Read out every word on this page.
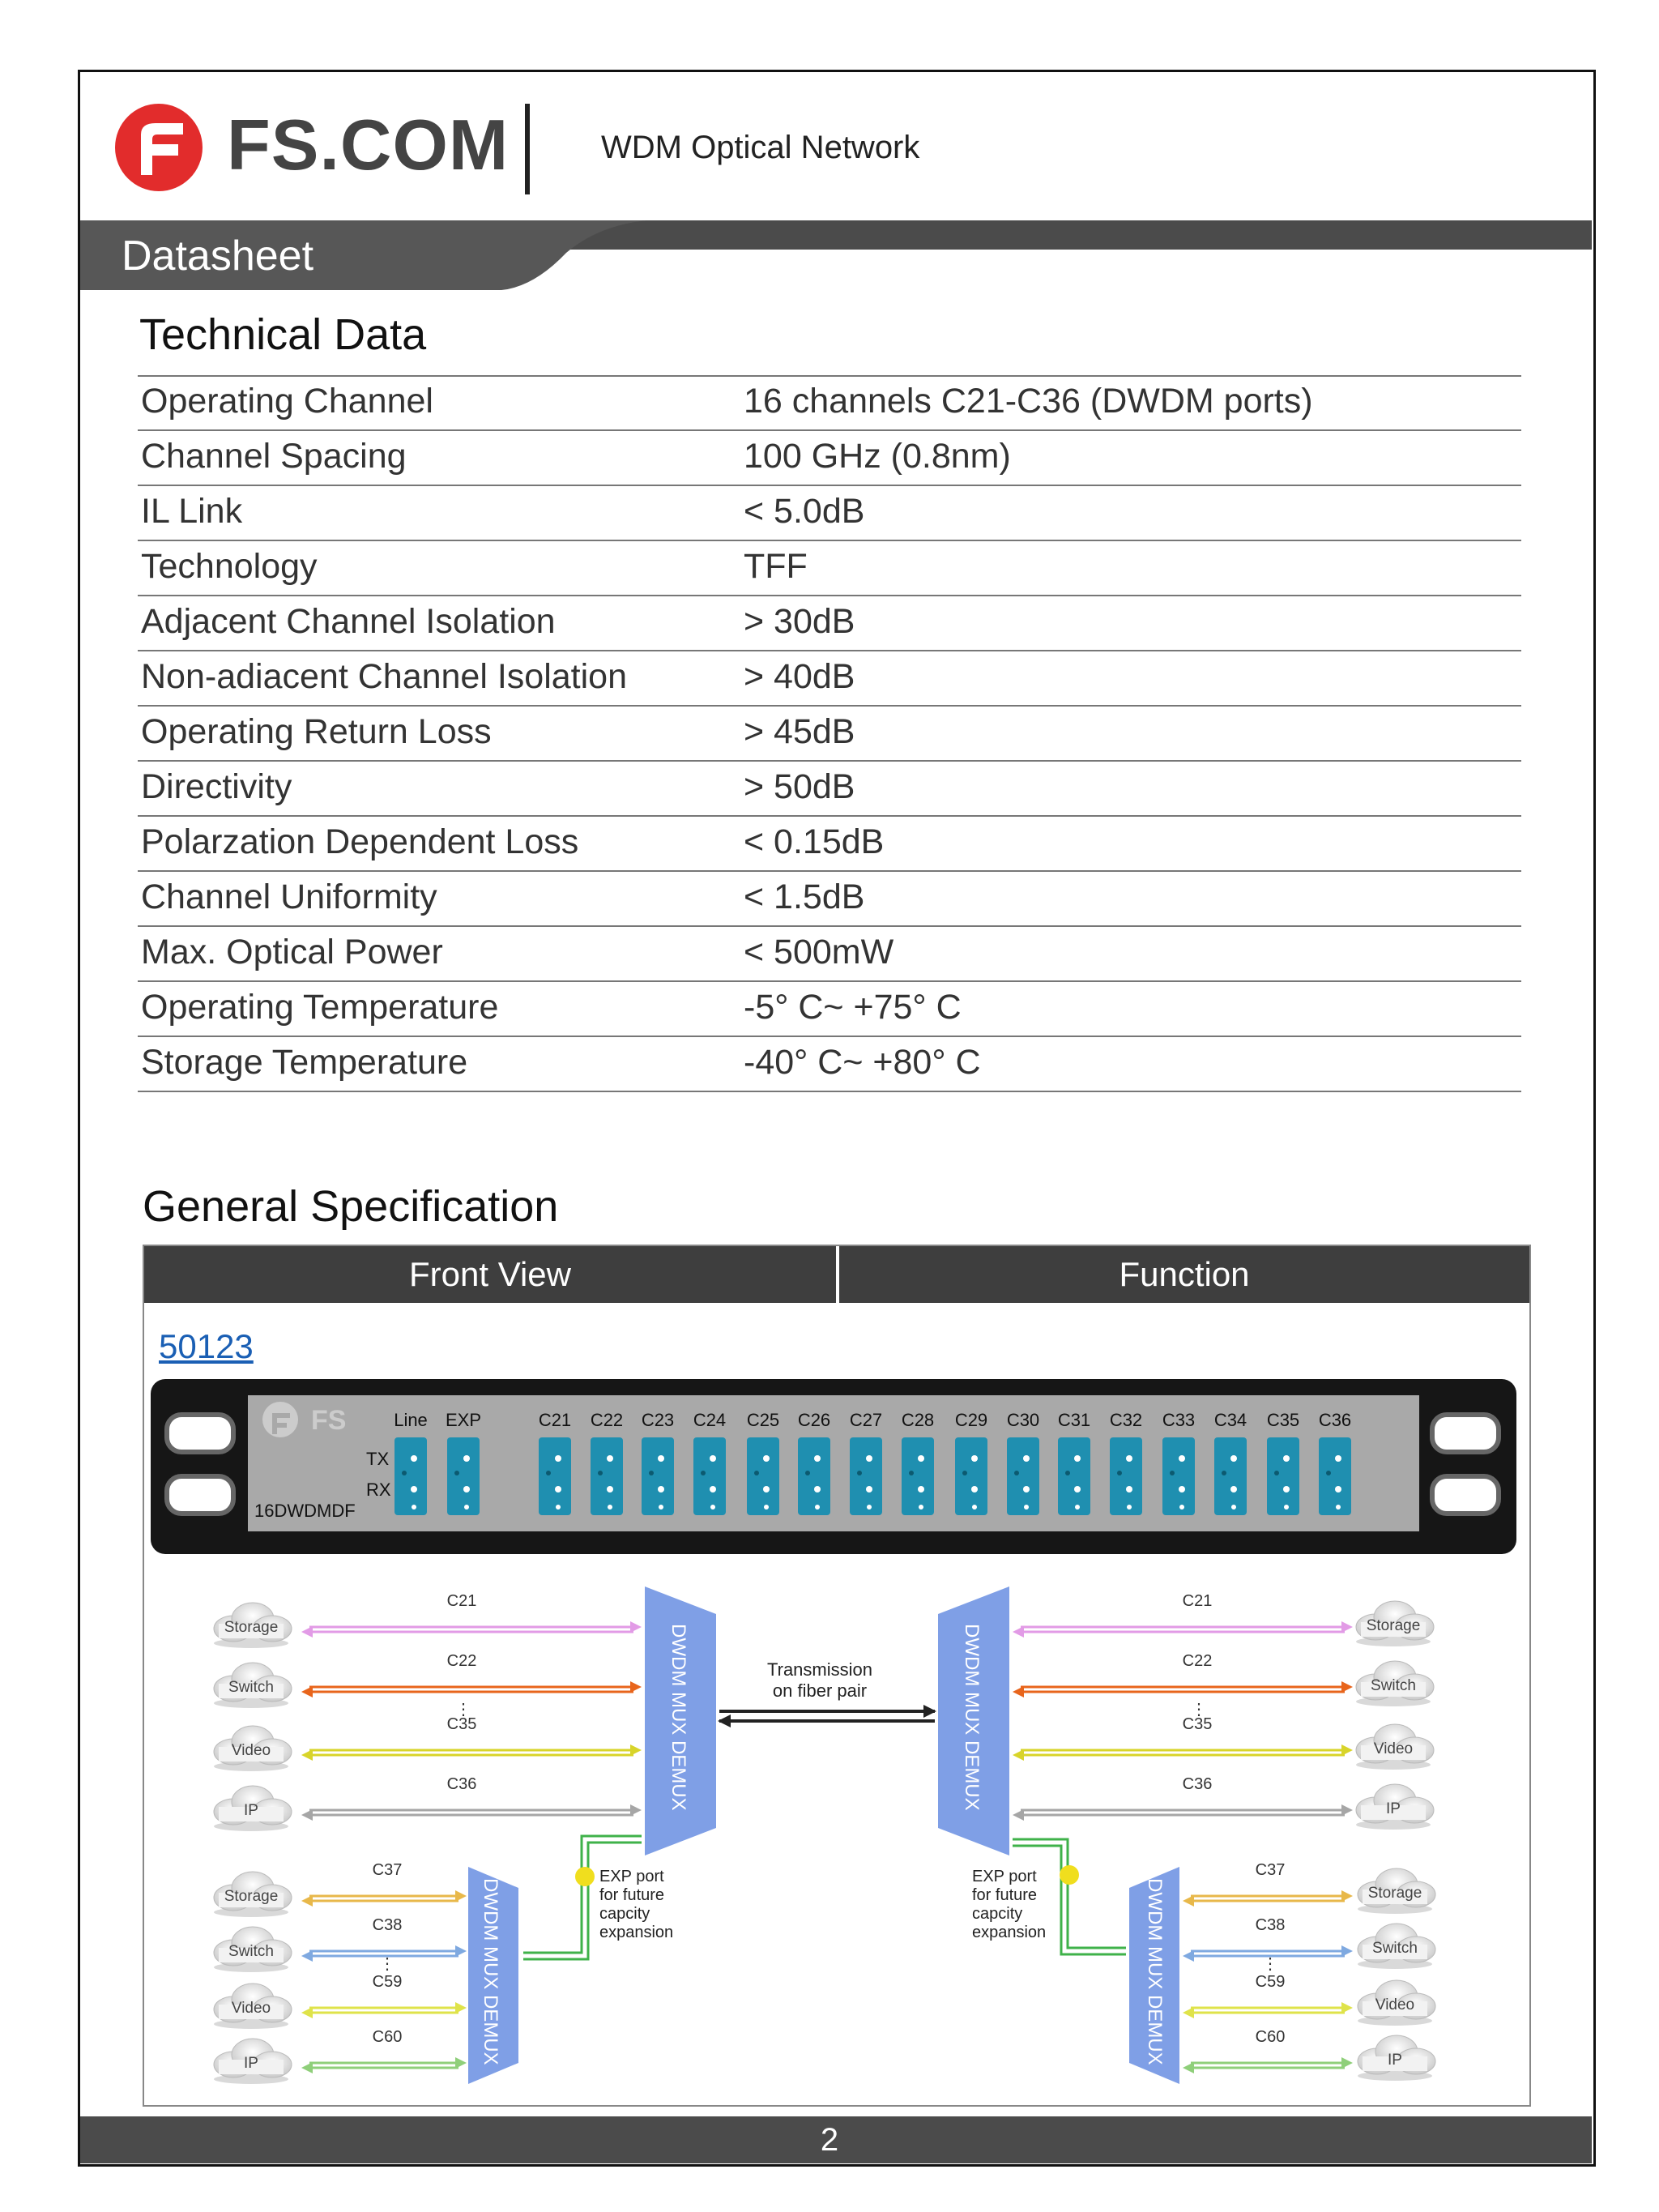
FS.COM	WDM Optical Network
Datasheet
Technical Data
Operating Channel	16 channels C21-C36 (DWDM ports)
Channel Spacing	100 GHz (0.8nm)
IL Link	< 5.0dB
Technology	TFF
Adjacent Channel Isolation	> 30dB
Non-adiacent Channel Isolation	> 40dB
Operating Return Loss	> 45dB
Directivity	> 50dB
Polarzation Dependent Loss	< 0.15dB
Channel Uniformity	< 1.5dB
Max. Optical Power	< 500mW
Operating Temperature	-5° C~ +75° C
Storage Temperature	-40° C~ +80° C
General Specification
Front View	Function
50123
FS
TX
RX
16DWDMDF
Line EXP	C21 C22 C23 C24 C25 C26 C27 C28 C29 C30 C31 C32 C33 C34 C35 C36
DWDM MUX DEMUX	DWDM MUX DEMUX
DWDM MUX DEMUX	DWDM MUX DEMUX
Transmission
on fiber pair
EXP port
for future
capcity
expansion
EXP port
for future
capcity
expansion
Storage
C21
Switch
C22
Video
C35
IP
C36
⋮
Storage
C37
Switch
C38
Video
C59
IP
C60
⋮
Storage
C21
Switch
C22
Video
C35
IP
C36
⋮
Storage
C37
Switch
C38
Video
C59
IP
C60
⋮
2
